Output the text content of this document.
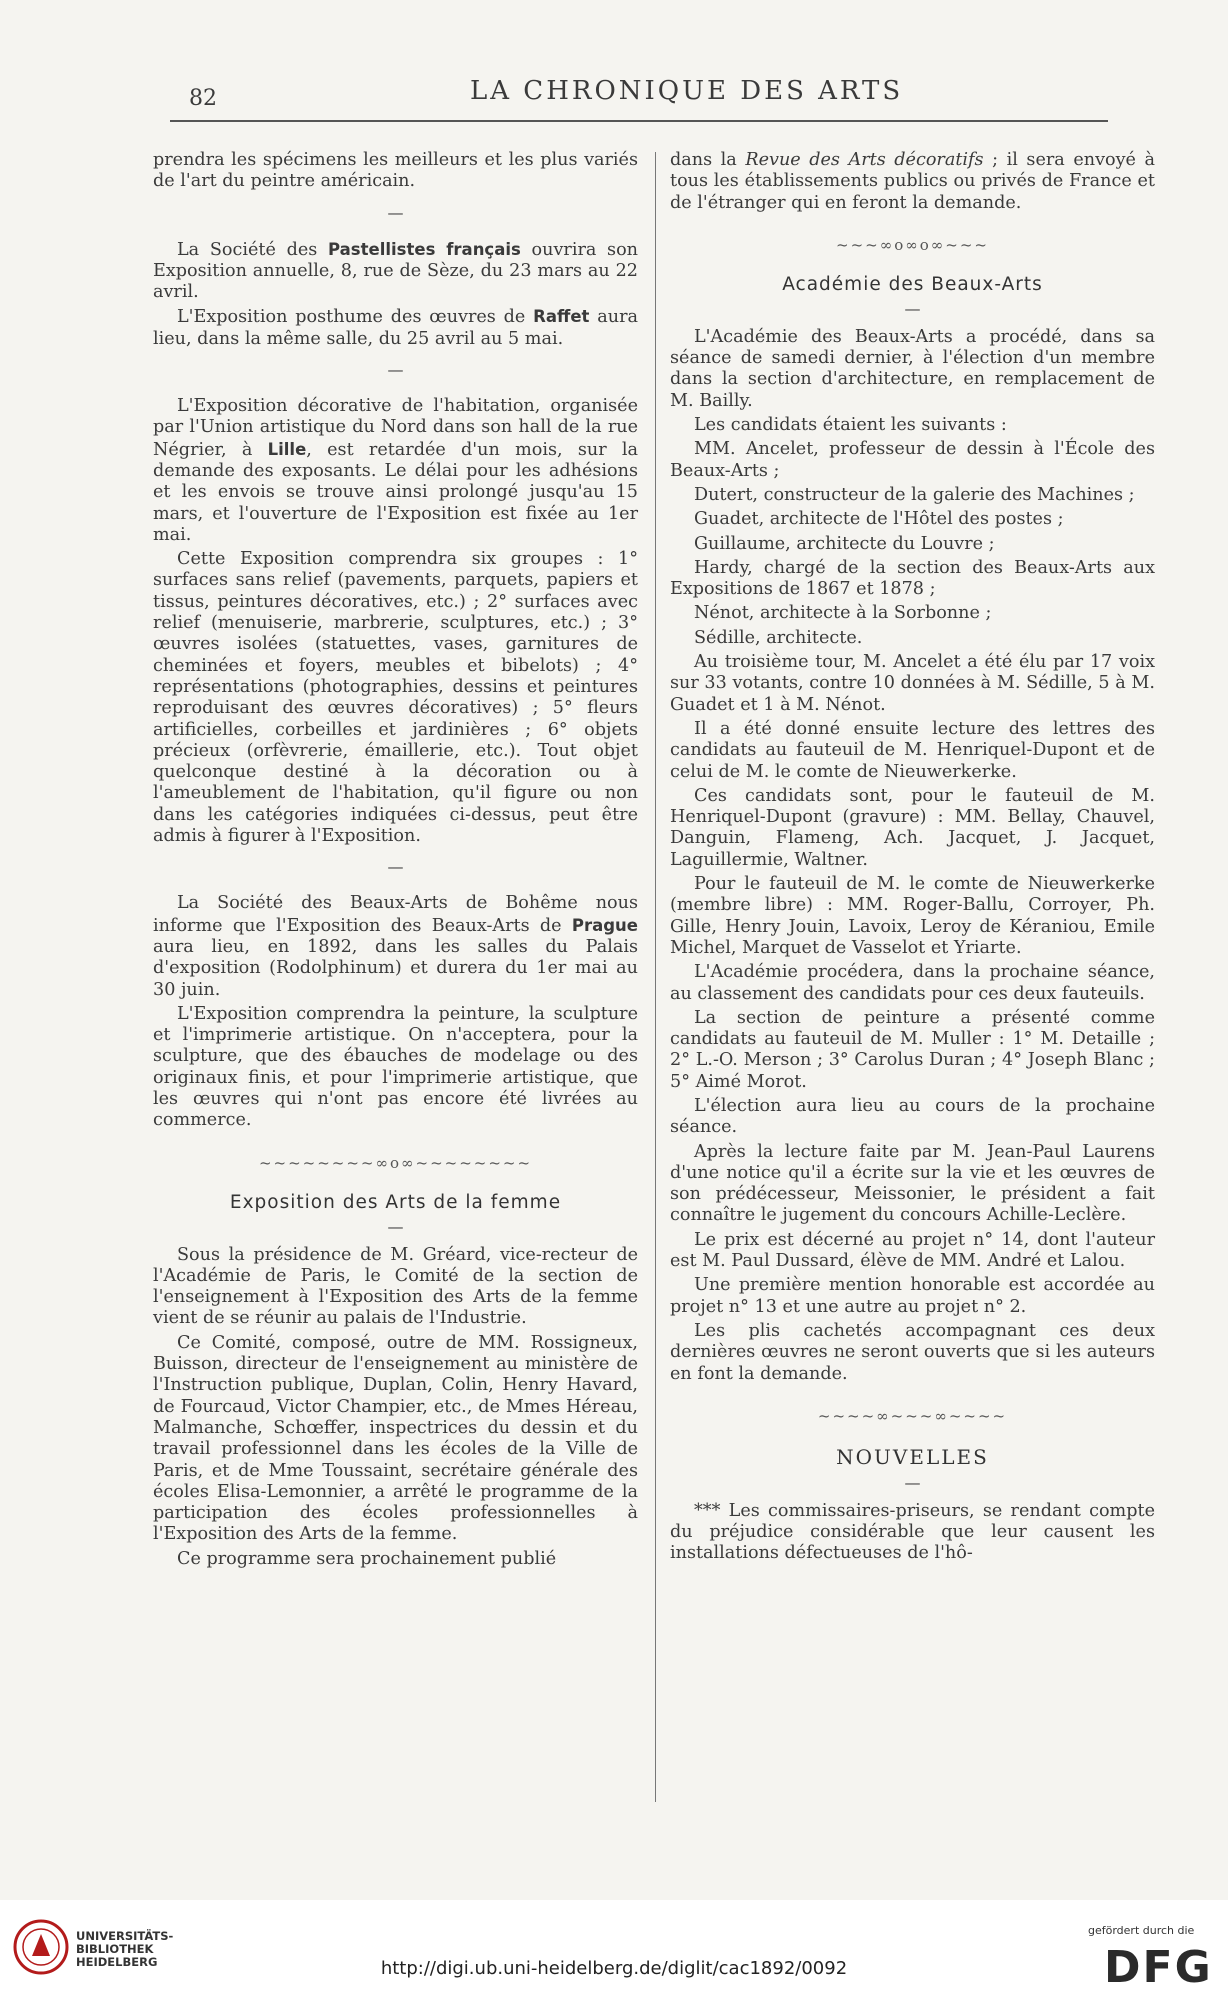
82	LA CHRONIQUE DES ARTS

prendra les spécimens les meilleurs et les plus variés de l'art du peintre américain.

—

La Société des Pastellistes français ouvrira son Exposition annuelle, 8, rue de Sèze, du 23 mars au 22 avril.

L'Exposition posthume des œuvres de Raffet aura lieu, dans la même salle, du 25 avril au 5 mai.

—

L'Exposition décorative de l'habitation, organisée par l'Union artistique du Nord dans son hall de la rue Négrier, à Lille, est retardée d'un mois, sur la demande des exposants. Le délai pour les adhésions et les envois se trouve ainsi prolongé jusqu'au 15 mars, et l'ouverture de l'Exposition est fixée au 1er mai.

Cette Exposition comprendra six groupes : 1° surfaces sans relief (pavements, parquets, papiers et tissus, peintures décoratives, etc.) ; 2° surfaces avec relief (menuiserie, marbrerie, sculptures, etc.) ; 3° œuvres isolées (statuettes, vases, garnitures de cheminées et foyers, meubles et bibelots) ; 4° représentations (photographies, dessins et peintures reproduisant des œuvres décoratives) ; 5° fleurs artificielles, corbeilles et jardinières ; 6° objets précieux (orfèvrerie, émaillerie, etc.). Tout objet quelconque destiné à la décoration ou à l'ameublement de l'habitation, qu'il figure ou non dans les catégories indiquées ci-dessus, peut être admis à figurer à l'Exposition.

—

La Société des Beaux-Arts de Bohême nous informe que l'Exposition des Beaux-Arts de Prague aura lieu, en 1892, dans les salles du Palais d'exposition (Rodolphinum) et durera du 1er mai au 30 juin.

L'Exposition comprendra la peinture, la sculpture et l'imprimerie artistique. On n'acceptera, pour la sculpture, que des ébauches de modelage ou des originaux finis, et pour l'imprimerie artistique, que les œuvres qui n'ont pas encore été livrées au commerce.

~~~~~~~~∞o∞~~~~~~~~
Exposition des Arts de la femme
—

Sous la présidence de M. Gréard, vice-recteur de l'Académie de Paris, le Comité de la section de l'enseignement à l'Exposition des Arts de la femme vient de se réunir au palais de l'Industrie.

Ce Comité, composé, outre de MM. Rossigneux, Buisson, directeur de l'enseignement au ministère de l'Instruction publique, Duplan, Colin, Henry Havard, de Fourcaud, Victor Champier, etc., de Mmes Héreau, Malmanche, Schœffer, inspectrices du dessin et du travail professionnel dans les écoles de la Ville de Paris, et de Mme Toussaint, secrétaire générale des écoles Elisa-Lemonnier, a arrêté le programme de la participation des écoles professionnelles à l'Exposition des Arts de la femme.

Ce programme sera prochainement publié

dans la Revue des Arts décoratifs ; il sera envoyé à tous les établissements publics ou privés de France et de l'étranger qui en feront la demande.

~~~∞o∞o∞~~~
Académie des Beaux-Arts
—

L'Académie des Beaux-Arts a procédé, dans sa séance de samedi dernier, à l'élection d'un membre dans la section d'architecture, en remplacement de M. Bailly.

Les candidats étaient les suivants :

MM. Ancelet, professeur de dessin à l'École des Beaux-Arts ;

Dutert, constructeur de la galerie des Machines ;

Guadet, architecte de l'Hôtel des postes ;

Guillaume, architecte du Louvre ;

Hardy, chargé de la section des Beaux-Arts aux Expositions de 1867 et 1878 ;

Nénot, architecte à la Sorbonne ;

Sédille, architecte.

Au troisième tour, M. Ancelet a été élu par 17 voix sur 33 votants, contre 10 données à M. Sédille, 5 à M. Guadet et 1 à M. Nénot.

Il a été donné ensuite lecture des lettres des candidats au fauteuil de M. Henriquel-Dupont et de celui de M. le comte de Nieuwerkerke.

Ces candidats sont, pour le fauteuil de M. Henriquel-Dupont (gravure) : MM. Bellay, Chauvel, Danguin, Flameng, Ach. Jacquet, J. Jacquet, Laguillermie, Waltner.

Pour le fauteuil de M. le comte de Nieuwerkerke (membre libre) : MM. Roger-Ballu, Corroyer, Ph. Gille, Henry Jouin, Lavoix, Leroy de Kéraniou, Emile Michel, Marquet de Vasselot et Yriarte.

L'Académie procédera, dans la prochaine séance, au classement des candidats pour ces deux fauteuils.

La section de peinture a présenté comme candidats au fauteuil de M. Muller : 1° M. Detaille ; 2° L.-O. Merson ; 3° Carolus Duran ; 4° Joseph Blanc ; 5° Aimé Morot.

L'élection aura lieu au cours de la prochaine séance.

Après la lecture faite par M. Jean-Paul Laurens d'une notice qu'il a écrite sur la vie et les œuvres de son prédécesseur, Meissonier, le président a fait connaître le jugement du concours Achille-Leclère.

Le prix est décerné au projet n° 14, dont l'auteur est M. Paul Dussard, élève de MM. André et Lalou.

Une première mention honorable est accordée au projet n° 13 et une autre au projet n° 2.

Les plis cachetés accompagnant ces deux dernières œuvres ne seront ouverts que si les auteurs en font la demande.

~~~~∞~~~∞~~~~
NOUVELLES
—

*** Les commissaires-priseurs, se rendant compte du préjudice considérable que leur causent les installations défectueuses de l'hô-

UNIVERSITÄTS-
BIBLIOTHEK
HEIDELBERG	http://digi.ub.uni-heidelberg.de/diglit/cac1892/0092
gefördert durch die
DFG
